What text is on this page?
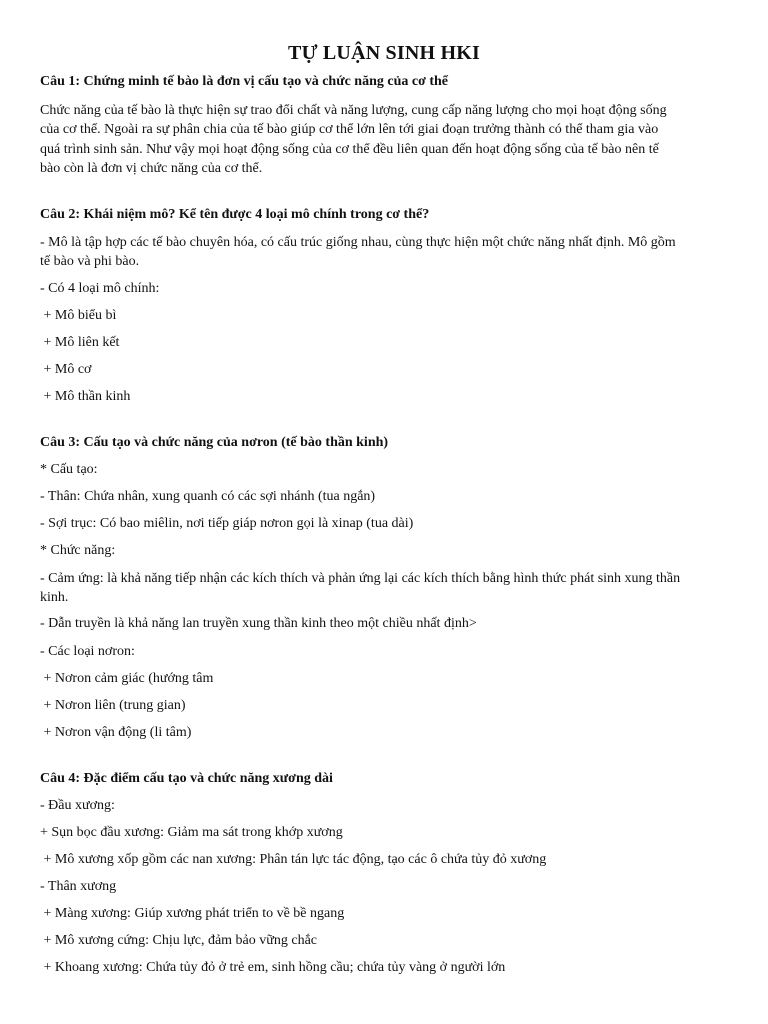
TỰ LUẬN SINH HKI
Câu 1: Chứng minh tế bào là đơn vị cấu tạo và chức năng của cơ thể
Chức năng của tế bào là thực hiện sự trao đổi chất và năng lượng, cung cấp năng lượng cho mọi hoạt động sống
của cơ thể. Ngoài ra sự phân chia của tế bào giúp cơ thể lớn lên tới giai đoạn trưởng thành có thể tham gia vào
quá trình sinh sản. Như vậy mọi hoạt động sống của cơ thể đều liên quan đến hoạt động sống của tế bào nên tế
bào còn là đơn vị chức năng của cơ thể.
Câu 2: Khái niệm mô? Kể tên được 4 loại mô chính trong cơ thể?
- Mô là tập hợp các tế bào chuyên hóa, có cấu trúc giống nhau, cùng thực hiện một chức năng nhất định. Mô gồm
tế bào và phi bào.
- Có 4 loại mô chính:
+ Mô biểu bì
+ Mô liên kết
+ Mô cơ
+ Mô thần kinh
Câu 3: Cấu tạo và chức năng của nơron (tế bào thần kinh)
* Cấu tạo:
- Thân: Chứa nhân, xung quanh có các sợi nhánh (tua ngắn)
- Sợi trục: Có bao miêlin, nơi tiếp giáp nơron gọi là xinap (tua dài)
* Chức năng:
- Cảm ứng: là khả năng tiếp nhận các kích thích và phản ứng lại các kích thích bằng hình thức phát sinh xung thần
kinh.
- Dẫn truyền là khả năng lan truyền xung thần kinh theo một chiều nhất định>
- Các loại nơron:
+ Nơron cảm giác (hướng tâm
+ Nơron liên (trung gian)
+ Nơron vận động (li tâm)
Câu 4: Đặc điểm cấu tạo và chức năng xương dài
- Đầu xương:
+ Sụn bọc đầu xương: Giảm ma sát trong khớp xương
+ Mô xương xốp gồm các nan xương: Phân tán lực tác động, tạo các ô chứa tủy đỏ xương
- Thân xương
+ Màng xương: Giúp xương phát triển to về bề ngang
+ Mô xương cứng: Chịu lực, đảm bảo vững chắc
+ Khoang xương: Chứa tủy đỏ ở trẻ em, sinh hồng cầu; chứa tủy vàng ở người lớn
